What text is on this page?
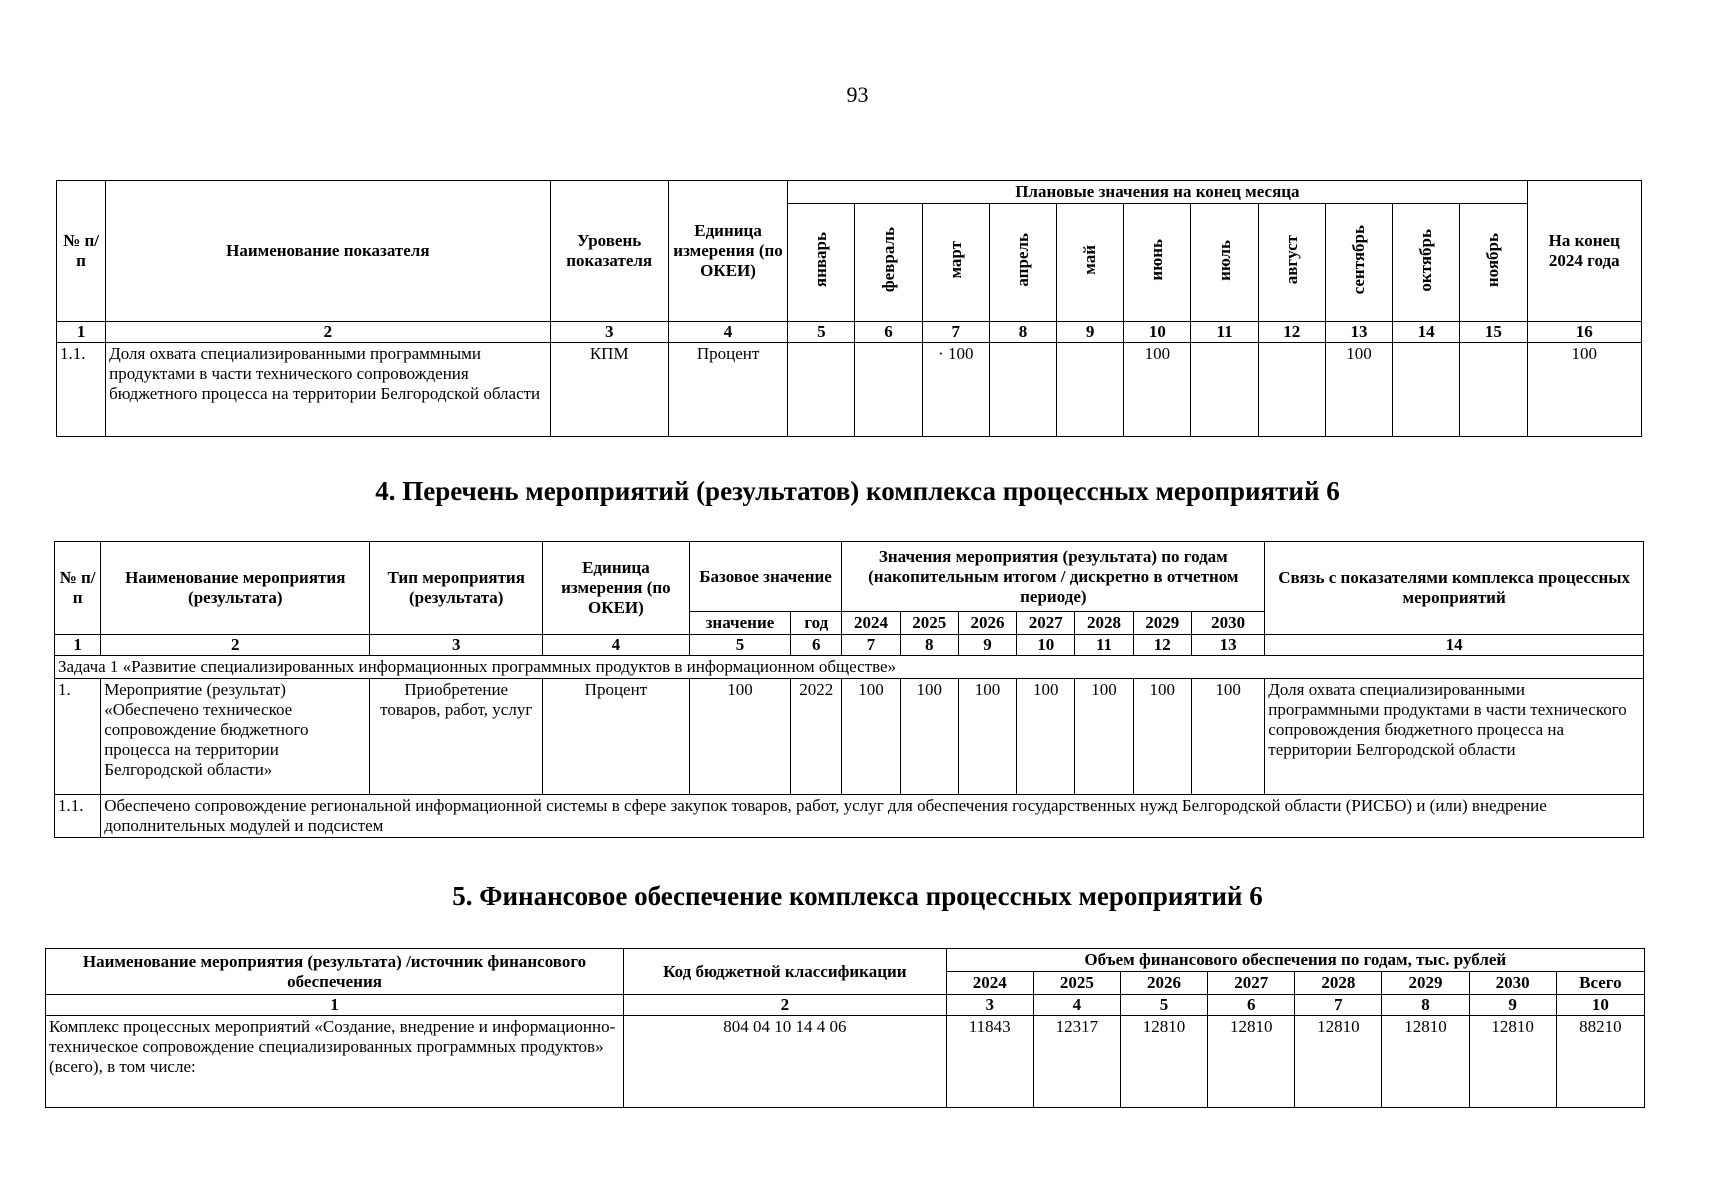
93
№ п/п	Наименование показателя	Уровень показателя	Единица измерения (по ОКЕИ)	Плановые значения на конец месяца											На конец 2024 года
				январь	февраль	март	апрель	май	июнь	июль	август	сентябрь	октябрь	ноябрь	
1	2	3	4	5	6	7	8	9	10	11	12	13	14	15	16
1.1.	Доля охвата специализированными программными продуктами в части технического сопровождения бюджетного процесса на территории Белгородской области	КПМ	Процент			· 100			100			100			100
4. Перечень мероприятий (результатов) комплекса процессных мероприятий 6
№ п/п	Наименование мероприятия (результата)	Тип мероприятия (результата)	Единица измерения (по ОКЕИ)	Базовое значение		Значения мероприятия (результата) по годам (накопительным итогом / дискретно в отчетном периоде)							Связь с показателями комплекса процессных мероприятий
				значение	год	2024	2025	2026	2027	2028	2029	2030	
1	2	3	4	5	6	7	8	9	10	11	12	13	14
Задача 1 «Развитие специализированных информационных программных продуктов в информационном обществе»													
1.	Мероприятие (результат) «Обеспечено техническое сопровождение бюджетного процесса на территории Белгородской области»	Приобретение товаров, работ, услуг	Процент	100	2022	100	100	100	100	100	100	100	Доля охвата специализированными программными продуктами в части технического сопровождения бюджетного процесса на территории Белгородской области
1.1.	Обеспечено сопровождение региональной информационной системы в сфере закупок товаров, работ, услуг для обеспечения государственных нужд Белгородской области (РИСБО) и (или) внедрение дополнительных модулей и подсистем												
5. Финансовое обеспечение комплекса процессных мероприятий 6
Наименование мероприятия (результата) /источник финансового обеспечения	Код бюджетной классификации	Объем финансового обеспечения по годам, тыс. рублей							
		2024	2025	2026	2027	2028	2029	2030	Всего
1	2	3	4	5	6	7	8	9	10
Комплекс процессных мероприятий «Создание, внедрение и информационно-техническое сопровождение специализированных программных продуктов» (всего), в том числе:	804 04 10 14 4 06	11843	12317	12810	12810	12810	12810	12810	88210
